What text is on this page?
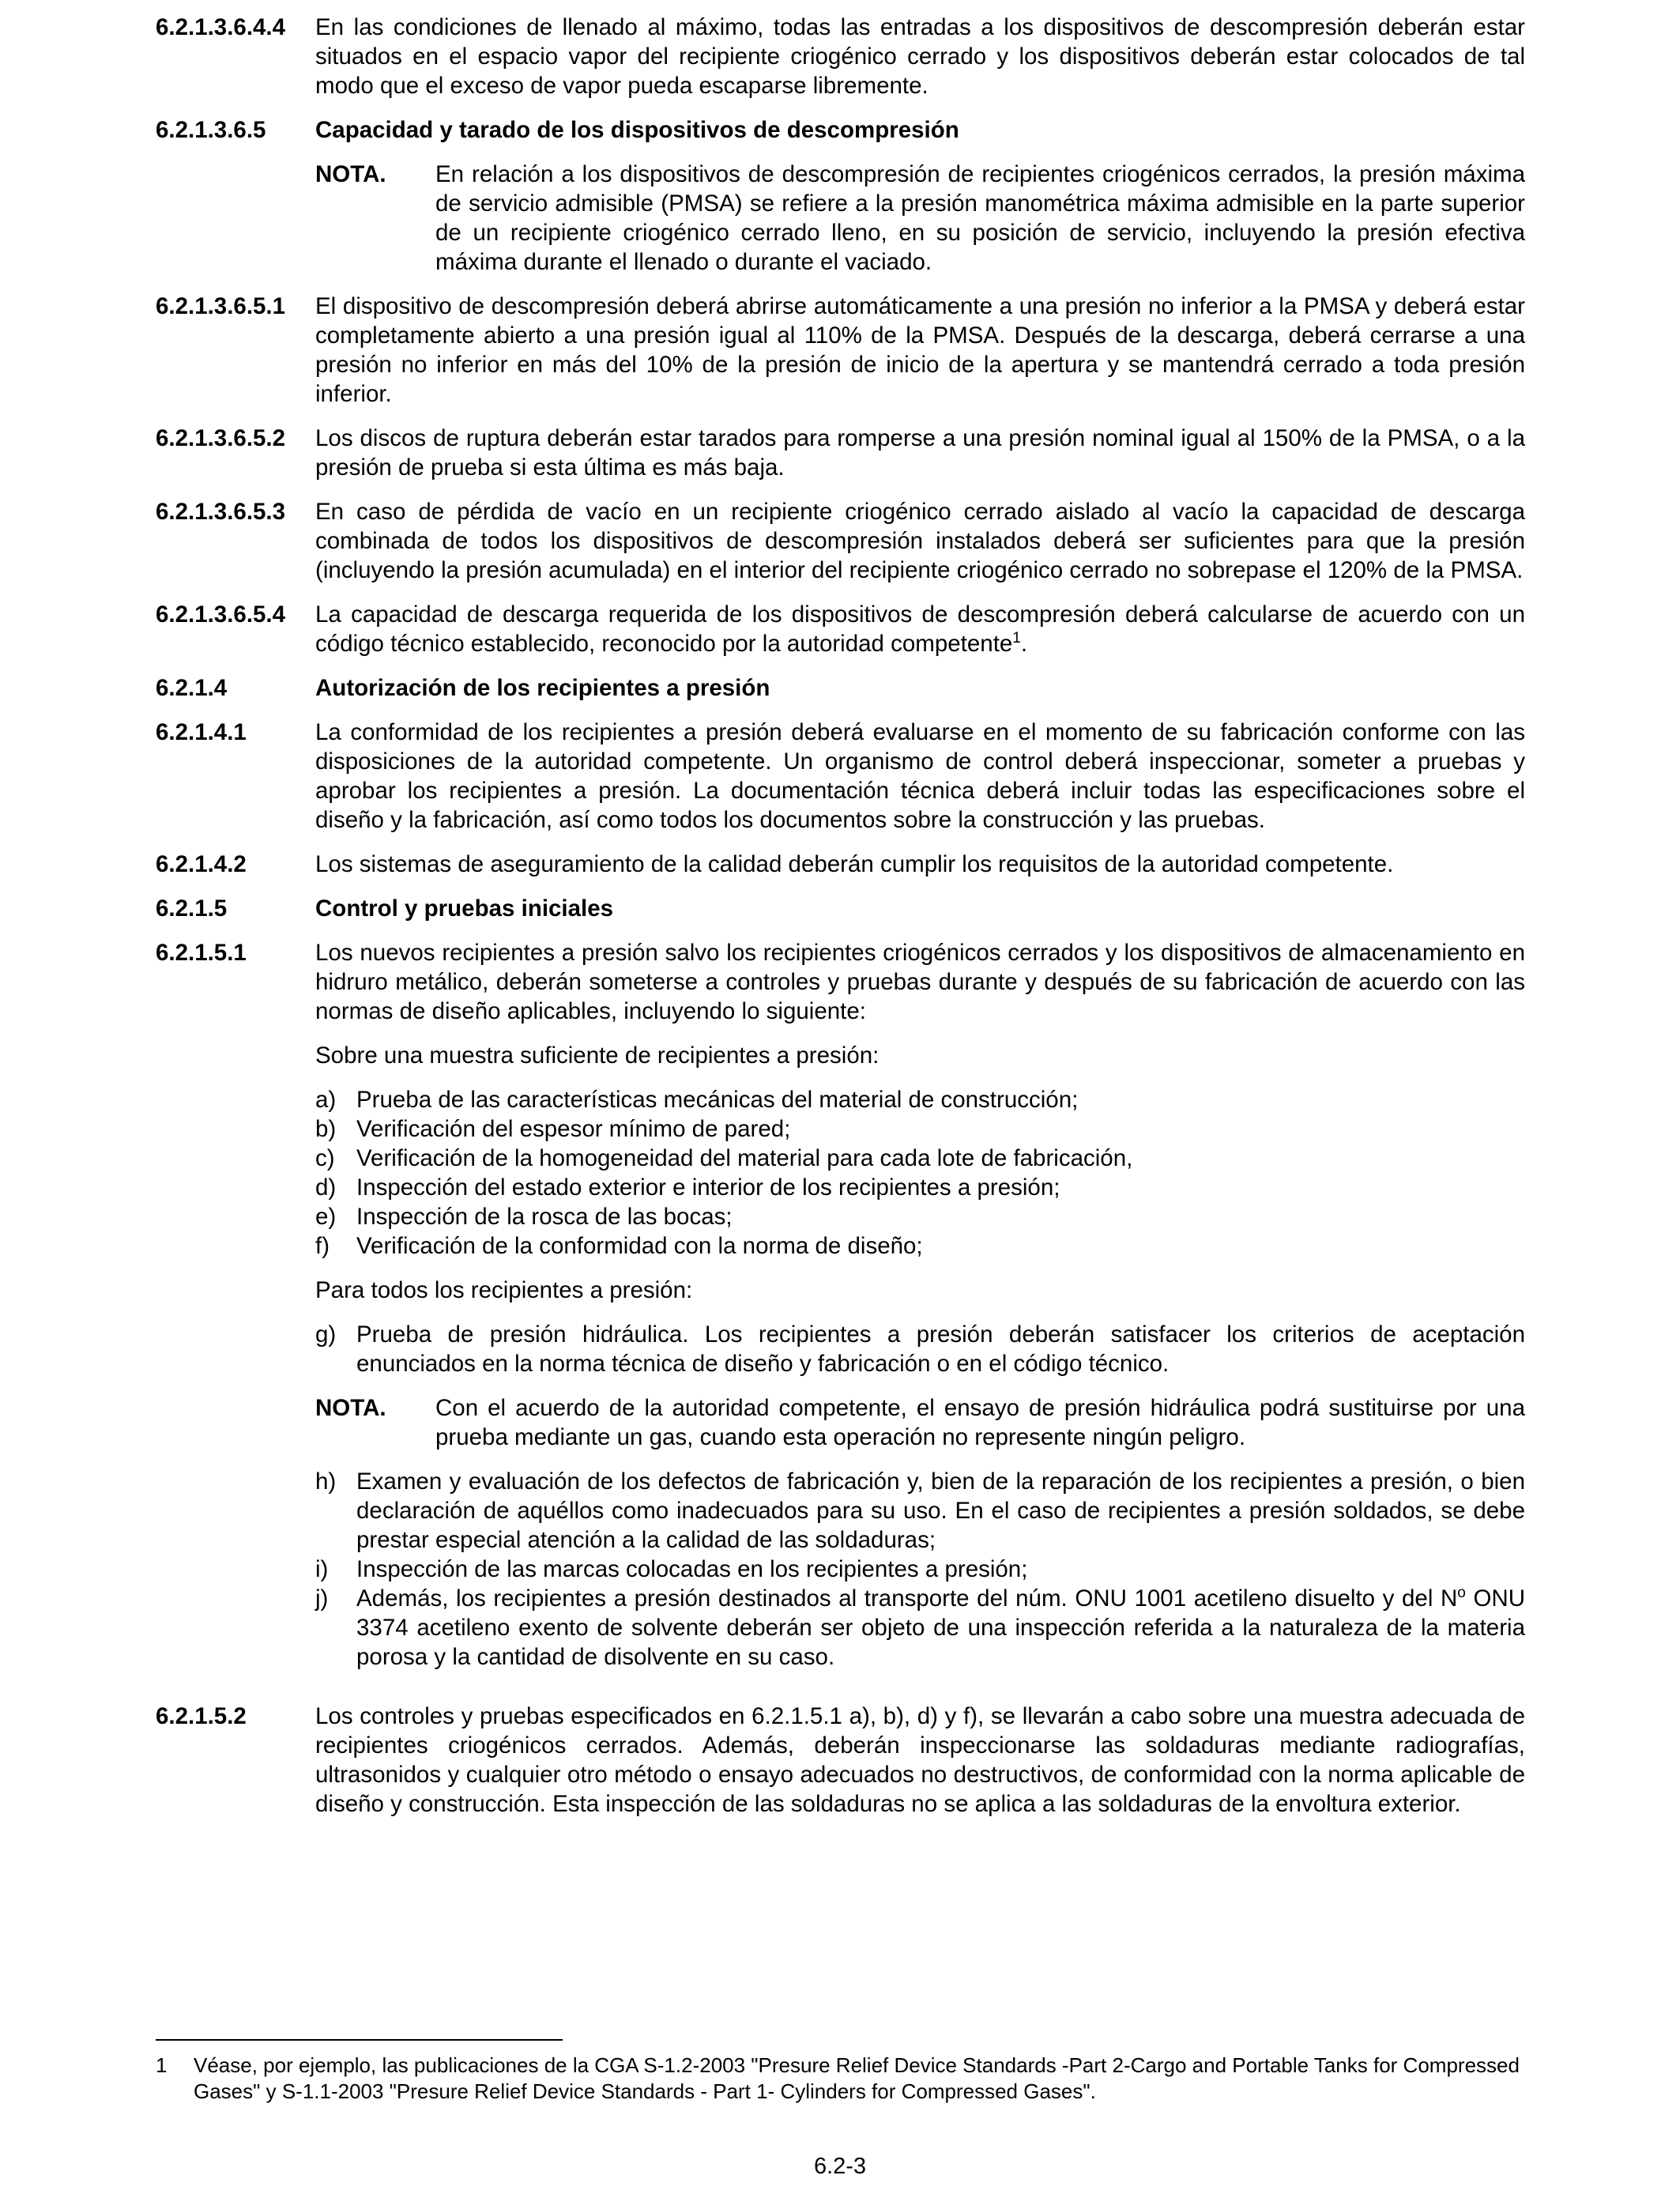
6.2.1.3.6.4.4	En las condiciones de llenado al máximo, todas las entradas a los dispositivos de descompresión deberán estar situados en el espacio vapor del recipiente criogénico cerrado y los dispositivos deberán estar colocados de tal modo que el exceso de vapor pueda escaparse libremente.
6.2.1.3.6.5	Capacidad y tarado de los dispositivos de descompresión
NOTA.	En relación a los dispositivos de descompresión de recipientes criogénicos cerrados, la presión máxima de servicio admisible (PMSA) se refiere a la presión manométrica máxima admisible en la parte superior de un recipiente criogénico cerrado lleno, en su posición de servicio, incluyendo la presión efectiva máxima durante el llenado o durante el vaciado.
6.2.1.3.6.5.1	El dispositivo de descompresión deberá abrirse automáticamente a una presión no inferior a la PMSA y deberá estar completamente abierto a una presión igual al 110% de la PMSA. Después de la descarga, deberá cerrarse a una presión no inferior en más del 10% de la presión de inicio de la apertura y se mantendrá cerrado a toda presión inferior.
6.2.1.3.6.5.2	Los discos de ruptura deberán estar tarados para romperse a una presión nominal igual al 150% de la PMSA, o a la presión de prueba si esta última es más baja.
6.2.1.3.6.5.3	En caso de pérdida de vacío en un recipiente criogénico cerrado aislado al vacío la capacidad de descarga combinada de todos los dispositivos de descompresión instalados deberá ser suficientes para que la presión (incluyendo la presión acumulada) en el interior del recipiente criogénico cerrado no sobrepase el 120% de la PMSA.
6.2.1.3.6.5.4	La capacidad de descarga requerida de los dispositivos de descompresión deberá calcularse de acuerdo con un código técnico establecido, reconocido por la autoridad competente$^1$.
6.2.1.4	Autorización de los recipientes a presión
6.2.1.4.1	La conformidad de los recipientes a presión deberá evaluarse en el momento de su fabricación conforme con las disposiciones de la autoridad competente. Un organismo de control deberá inspeccionar, someter a pruebas y aprobar los recipientes a presión. La documentación técnica deberá incluir todas las especificaciones sobre el diseño y la fabricación, así como todos los documentos sobre la construcción y las pruebas.
6.2.1.4.2	Los sistemas de aseguramiento de la calidad deberán cumplir los requisitos de la autoridad competente.
6.2.1.5	Control y pruebas iniciales
6.2.1.5.1	Los nuevos recipientes a presión salvo los recipientes criogénicos cerrados y los dispositivos de almacenamiento en hidruro metálico, deberán someterse a controles y pruebas durante y después de su fabricación de acuerdo con las normas de diseño aplicables, incluyendo lo siguiente:
Sobre una muestra suficiente de recipientes a presión:
a) Prueba de las características mecánicas del material de construcción;
b) Verificación del espesor mínimo de pared;
c) Verificación de la homogeneidad del material para cada lote de fabricación,
d) Inspección del estado exterior e interior de los recipientes a presión;
e) Inspección de la rosca de las bocas;
f)	Verificación de la conformidad con la norma de diseño;
Para todos los recipientes a presión:
g) Prueba de presión hidráulica. Los recipientes a presión deberán satisfacer los criterios de aceptación enunciados en la norma técnica de diseño y fabricación o en el código técnico.
NOTA.	Con el acuerdo de la autoridad competente, el ensayo de presión hidráulica podrá sustituirse por una prueba mediante un gas, cuando esta operación no represente ningún peligro.
h) Examen y evaluación de los defectos de fabricación y, bien de la reparación de los recipientes a presión, o bien declaración de aquéllos como inadecuados para su uso. En el caso de recipientes a presión soldados, se debe prestar especial atención a la calidad de las soldaduras;
i)	Inspección de las marcas colocadas en los recipientes a presión;
j)	Además, los recipientes a presión destinados al transporte del núm. ONU 1001 acetileno disuelto y del $N^o$ ONU 3374 acetileno exento de solvente deberán ser objeto de una inspección referida a la naturaleza de la materia porosa y la cantidad de disolvente en su caso.
6.2.1.5.2	Los controles y pruebas especificados en 6.2.1.5.1 a), b), d) y f), se llevarán a cabo sobre una muestra adecuada de recipientes criogénicos cerrados. Además, deberán inspeccionarse las soldaduras mediante radiografías, ultrasonidos y cualquier otro método o ensayo adecuados no destructivos, de conformidad con la norma aplicable de diseño y construcción. Esta inspección de las soldaduras no se aplica a las soldaduras de la envoltura exterior.
1	Véase, por ejemplo, las publicaciones de la CGA S-1.2-2003 "Presure Relief Device Standards -Part 2-Cargo and Portable Tanks for Compressed Gases" y S-1.1-2003 "Presure Relief Device Standards - Part 1- Cylinders for Compressed Gases".
6.2-3
